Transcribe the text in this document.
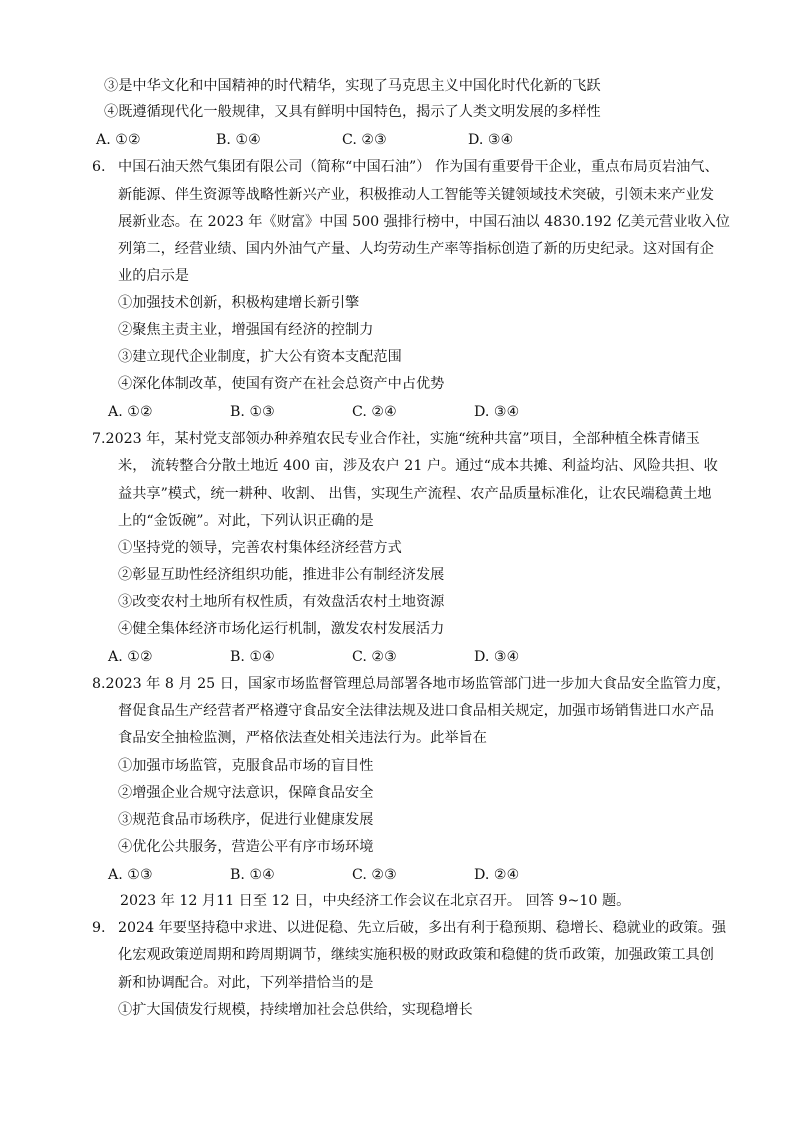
③是中华文化和中国精神的时代精华，实现了马克思主义中国化时代化新的飞跃
④既遵循现代化一般规律，又具有鲜明中国特色，揭示了人类文明发展的多样性
A. ①②	B. ①④	C. ②③	D. ③④
6. 中国石油天然气集团有限公司（简称“中国石油”） 作为国有重要骨干企业，重点布局页岩油气、
新能源、伴生资源等战略性新兴产业，积极推动人工智能等关键领域技术突破，引领未来产业发
展新业态。在 2023 年《财富》中国 500 强排行榜中，中国石油以 4830.192 亿美元营业收入位
列第二，经营业绩、国内外油气产量、人均劳动生产率等指标创造了新的历史纪录。这对国有企
业的启示是
①加强技术创新，积极构建增长新引擎
②聚焦主责主业，增强国有经济的控制力
③建立现代企业制度，扩大公有资本支配范围
④深化体制改革，使国有资产在社会总资产中占优势
A. ①②	B. ①③	C. ②④	D. ③④
7.2023 年，某村党支部领办种养殖农民专业合作社，实施“统种共富”项目，全部种植全株青储玉
米， 流转整合分散土地近 400 亩，涉及农户 21 户。通过“成本共摊、利益均沾、风险共担、收
益共享”模式，统一耕种、收割、 出售，实现生产流程、农产品质量标准化，让农民端稳黄土地
上的“金饭碗”。对此，下列认识正确的是
①坚持党的领导，完善农村集体经济经营方式
②彰显互助性经济组织功能，推进非公有制经济发展
③改变农村土地所有权性质，有效盘活农村土地资源
④健全集体经济市场化运行机制，激发农村发展活力
A. ①②	B. ①④	C. ②③	D. ③④
8.2023 年 8 月 25 日，国家市场监督管理总局部署各地市场监管部门进一步加大食品安全监管力度，
督促食品生产经营者严格遵守食品安全法律法规及进口食品相关规定，加强市场销售进口水产品
食品安全抽检监测，严格依法查处相关违法行为。此举旨在
①加强市场监管，克服食品市场的盲目性
②增强企业合规守法意识，保障食品安全
③规范食品市场秩序，促进行业健康发展
④优化公共服务，营造公平有序市场环境
A. ①③	B. ①④	C. ②③	D. ②④
2023 年 12 月11 日至 12 日，中央经济工作会议在北京召开。 回答 9~10 题。
9. 2024 年要坚持稳中求进、以进促稳、先立后破，多出有利于稳预期、稳增长、稳就业的政策。强
化宏观政策逆周期和跨周期调节，继续实施积极的财政政策和稳健的货币政策，加强政策工具创
新和协调配合。对此，下列举措恰当的是
①扩大国债发行规模，持续增加社会总供给，实现稳增长
